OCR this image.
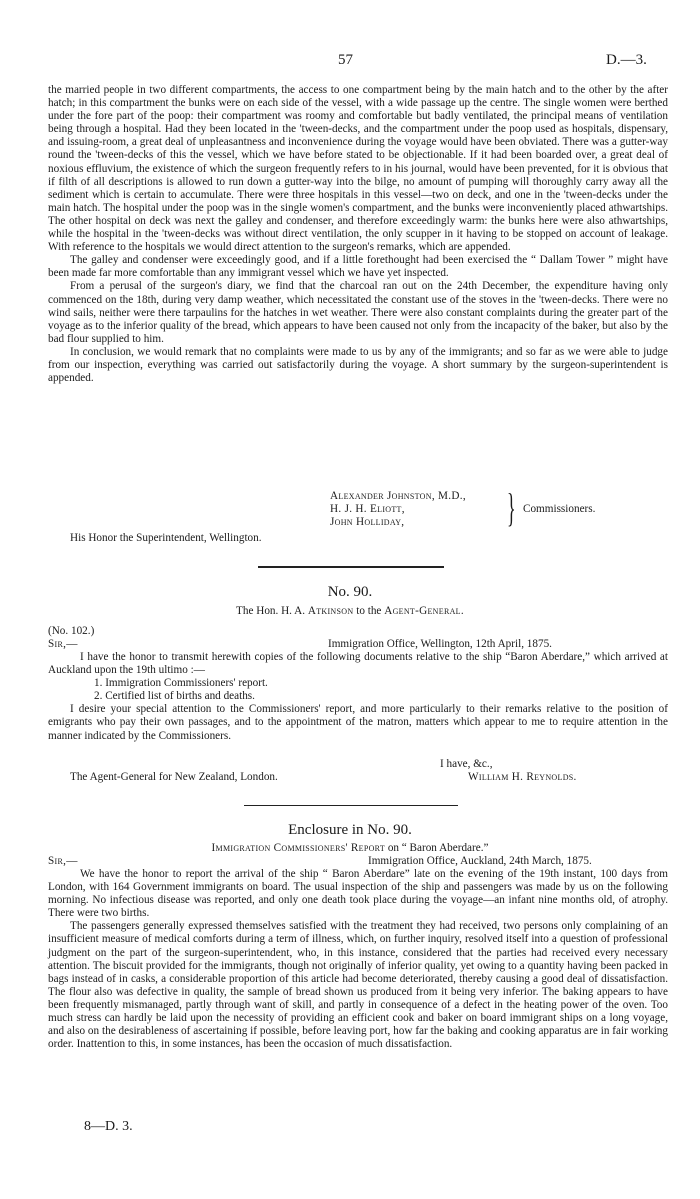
57	D.—3.

the married people in two different compartments, the access to one compartment being by the main hatch and to the other by the after hatch; in this compartment the bunks were on each side of the vessel, with a wide passage up the centre. The single women were berthed under the fore part of the poop: their compartment was roomy and comfortable but badly ventilated, the principal means of ventilation being through a hospital. Had they been located in the 'tween-decks, and the compartment under the poop used as hospitals, dispensary, and issuing-room, a great deal of unpleasantness and inconvenience during the voyage would have been obviated. There was a gutter-way round the 'tween-decks of this the vessel, which we have before stated to be objectionable. If it had been boarded over, a great deal of noxious effluvium, the existence of which the surgeon frequently refers to in his journal, would have been prevented, for it is obvious that if filth of all descriptions is allowed to run down a gutter-way into the bilge, no amount of pumping will thoroughly carry away all the sediment which is certain to accumulate. There were three hospitals in this vessel—two on deck, and one in the 'tween-decks under the main hatch. The hospital under the poop was in the single women's compartment, and the bunks were inconveniently placed athwartships. The other hospital on deck was next the galley and condenser, and therefore exceedingly warm: the bunks here were also athwartships, while the hospital in the 'tween-decks was without direct ventilation, the only scupper in it having to be stopped on account of leakage. With reference to the hospitals we would direct attention to the surgeon's remarks, which are appended.

The galley and condenser were exceedingly good, and if a little forethought had been exercised the “ Dallam Tower ” might have been made far more comfortable than any immigrant vessel which we have yet inspected.

From a perusal of the surgeon's diary, we find that the charcoal ran out on the 24th December, the expenditure having only commenced on the 18th, during very damp weather, which necessitated the constant use of the stoves in the 'tween-decks. There were no wind sails, neither were there tarpaulins for the hatches in wet weather. There were also constant complaints during the greater part of the voyage as to the inferior quality of the bread, which appears to have been caused not only from the incapacity of the baker, but also by the bad flour supplied to him.

In conclusion, we would remark that no complaints were made to us by any of the immigrants; and so far as we were able to judge from our inspection, everything was carried out satisfactorily during the voyage. A short summary by the surgeon-superintendent is appended.

Alexander Johnston, M.D.,
H. J. H. Eliott,
John Holliday,	} Commissioners.
His Honor the Superintendent, Wellington.
No. 90.
The Hon. H. A. Atkinson to the Agent-General.
(No. 102.)
Sir,—	Immigration Office, Wellington, 12th April, 1875.

I have the honor to transmit herewith copies of the following documents relative to the ship “Baron Aberdare,” which arrived at Auckland upon the 19th ultimo :—

1. Immigration Commissioners' report.

2. Certified list of births and deaths.

I desire your special attention to the Commissioners' report, and more particularly to their remarks relative to the position of emigrants who pay their own passages, and to the appointment of the matron, matters which appear to me to require attention in the manner indicated by the Commissioners.

I have, &c.,
The Agent-General for New Zealand, London.	William H. Reynolds.
Enclosure in No. 90.
Immigration Commissioners' Report on “ Baron Aberdare.”
Sir,—	Immigration Office, Auckland, 24th March, 1875.

We have the honor to report the arrival of the ship “ Baron Aberdare” late on the evening of the 19th instant, 100 days from London, with 164 Government immigrants on board. The usual inspection of the ship and passengers was made by us on the following morning. No infectious disease was reported, and only one death took place during the voyage—an infant nine months old, of atrophy. There were two births.

The passengers generally expressed themselves satisfied with the treatment they had received, two persons only complaining of an insufficient measure of medical comforts during a term of illness, which, on further inquiry, resolved itself into a question of professional judgment on the part of the surgeon-superintendent, who, in this instance, considered that the parties had received every necessary attention. The biscuit provided for the immigrants, though not originally of inferior quality, yet owing to a quantity having been packed in bags instead of in casks, a considerable proportion of this article had become deteriorated, thereby causing a good deal of dissatisfaction. The flour also was defective in quality, the sample of bread shown us produced from it being very inferior. The baking appears to have been frequently mismanaged, partly through want of skill, and partly in consequence of a defect in the heating power of the oven. Too much stress can hardly be laid upon the necessity of providing an efficient cook and baker on board immigrant ships on a long voyage, and also on the desirableness of ascertaining if possible, before leaving port, how far the baking and cooking apparatus are in fair working order. Inattention to this, in some instances, has been the occasion of much dissatisfaction.

8—D. 3.
